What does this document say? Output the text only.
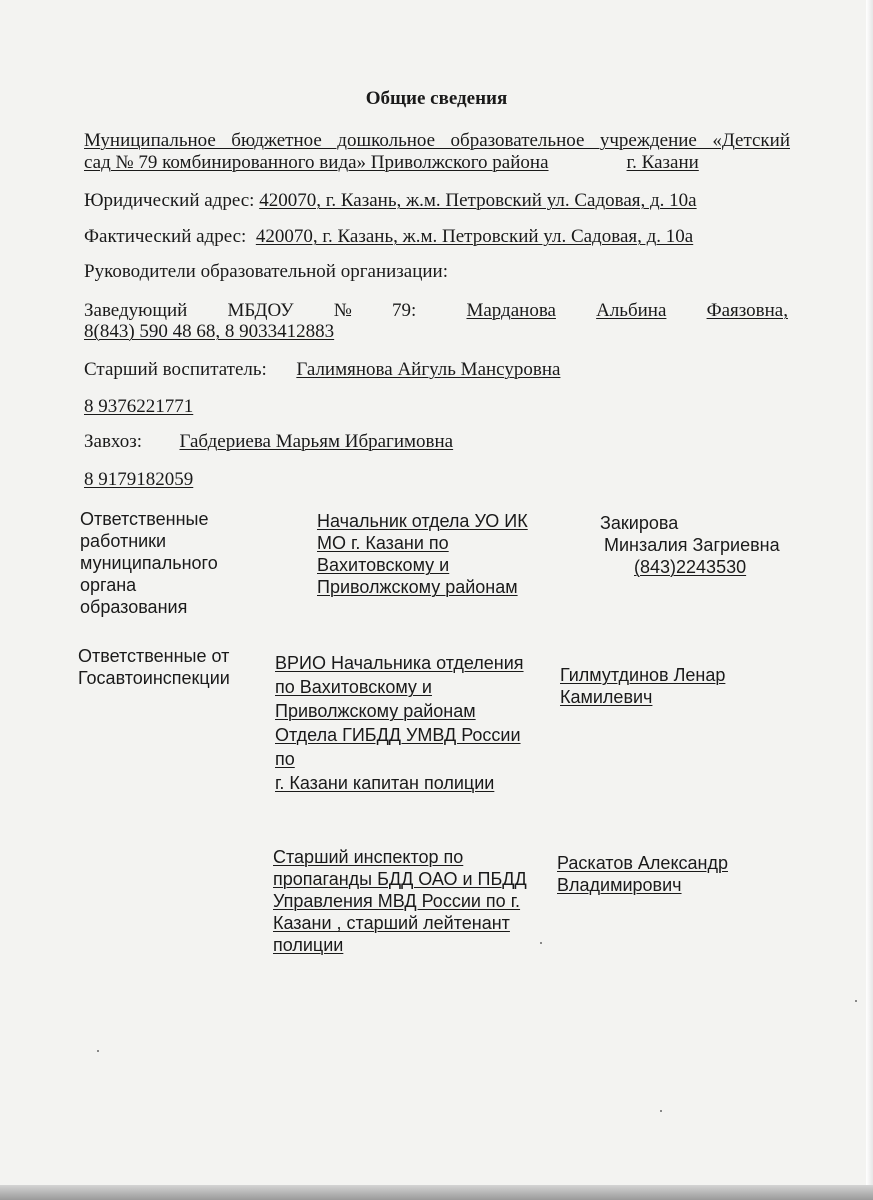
Общие сведения
Муниципальное бюджетное дошкольное образовательное учреждение «Детский
сад № 79 комбинированного вида» Приволжского района	г. Казани
Юридический адрес: 420070, г. Казань, ж.м. Петровский ул. Садовая, д. 10а
Фактический адрес: 420070, г. Казань, ж.м. Петровский ул. Садовая, д. 10а
Руководители образовательной организации:
Заведующий МБДОУ № 79:	Марданова Альбина Фаязовна,
8(843) 590 48 68, 8 9033412883
Старший воспитатель: Галимянова Айгуль Мансуровна
8 9376221771
Завхоз: Габдериева Марьям Ибрагимовна
8 9179182059
Ответственные
работники
муниципального
органа
образования
Начальник отдела УО ИК
МО г. Казани по
Вахитовскому и
Приволжскому районам
Закирова
Минзалия Загриевна
(843)2243530
Ответственные от
Госавтоинспекции
ВРИО Начальника отделения
по Вахитовскому и
Приволжскому районам
Отдела ГИБДД УМВД России
по
г. Казани капитан полиции
Гилмутдинов Ленар
Камилевич
Старший инспектор по
пропаганды БДД ОАО и ПБДД
Управления МВД России по г.
Казани , старший лейтенант
полиции
Раскатов Александр
Владимирович
